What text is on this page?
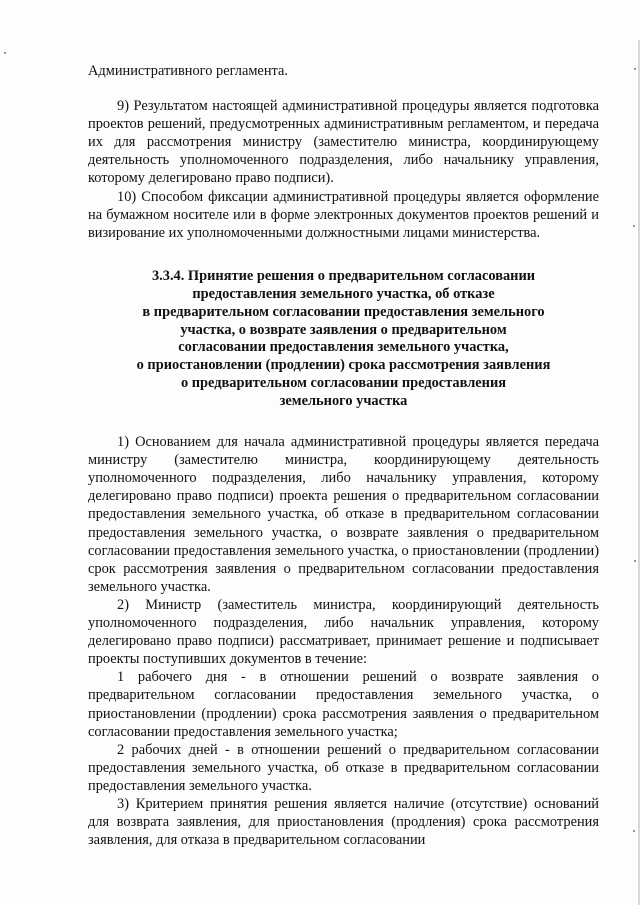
Административного регламента.

9) Результатом настоящей административной процедуры является подготовка проектов решений, предусмотренных административным регламентом, и передача их для рассмотрения министру (заместителю министра, координирующему деятельность уполномоченного подразделения, либо начальнику управления, которому делегировано право подписи).

10) Способом фиксации административной процедуры является оформление на бумажном носителе или в форме электронных документов проектов решений и визирование их уполномоченными должностными лицами министерства.

3.3.4. Принятие решения о предварительном согласовании
предоставления земельного участка, об отказе
в предварительном согласовании предоставления земельного
участка, о возврате заявления о предварительном
согласовании предоставления земельного участка,
о приостановлении (продлении) срока рассмотрения заявления
о предварительном согласовании предоставления
земельного участка

1) Основанием для начала административной процедуры является передача министру (заместителю министра, координирующему деятельность уполномоченного подразделения, либо начальнику управления, которому делегировано право подписи) проекта решения о предварительном согласовании предоставления земельного участка, об отказе в предварительном согласовании предоставления земельного участка, о возврате заявления о предварительном согласовании предоставления земельного участка, о приостановлении (продлении) срок рассмотрения заявления о предварительном согласовании предоставления земельного участка.

2) Министр (заместитель министра, координирующий деятельность уполномоченного подразделения, либо начальник управления, которому делегировано право подписи) рассматривает, принимает решение и подписывает проекты поступивших документов в течение:

1 рабочего дня - в отношении решений о возврате заявления о предварительном согласовании предоставления земельного участка, о приостановлении (продлении) срока рассмотрения заявления о предварительном согласовании предоставления земельного участка;

2 рабочих дней - в отношении решений о предварительном согласовании предоставления земельного участка, об отказе в предварительном согласовании предоставления земельного участка.

3) Критерием принятия решения является наличие (отсутствие) оснований для возврата заявления, для приостановления (продления) срока рассмотрения заявления, для отказа в предварительном согласовании
